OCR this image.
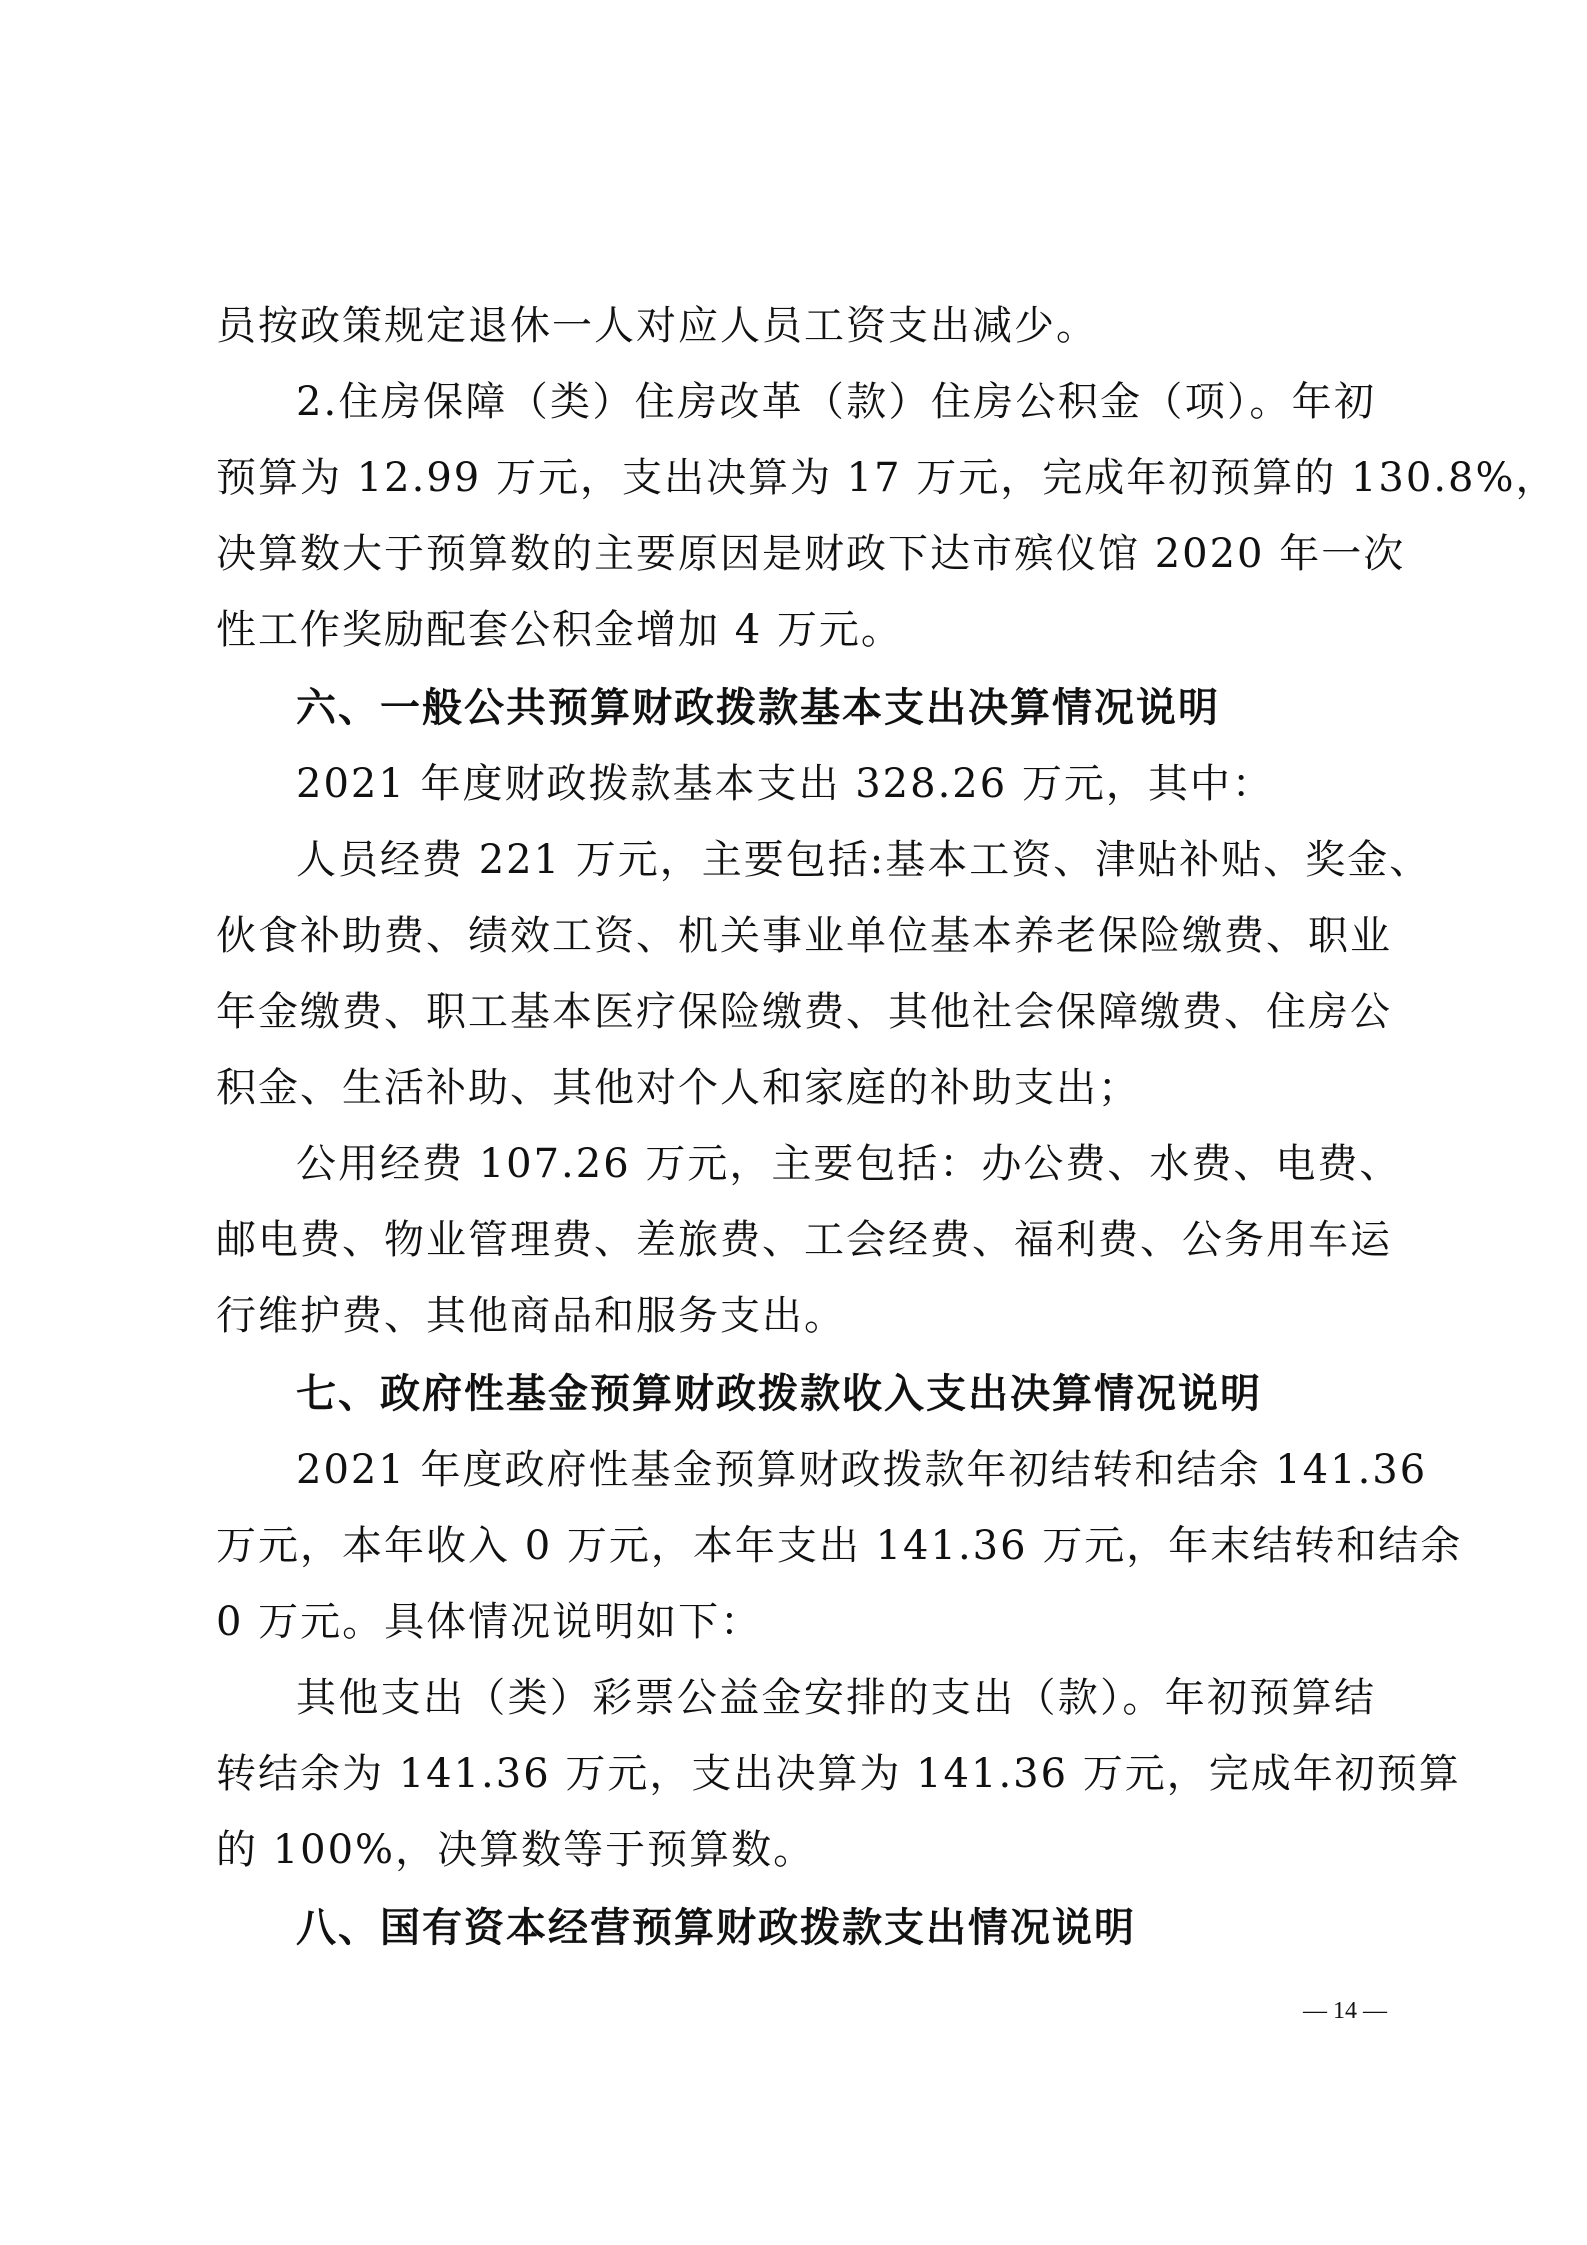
员按政策规定退休一人对应人员工资支出减少。
2.住房保障（类）住房改革（款）住房公积金（项）。年初
预算为 12.99 万元，支出决算为 17 万元，完成年初预算的 130.8%，
决算数大于预算数的主要原因是财政下达市殡仪馆 2020 年一次
性工作奖励配套公积金增加 4 万元。
六、一般公共预算财政拨款基本支出决算情况说明
2021 年度财政拨款基本支出 328.26 万元，其中：
人员经费 221 万元，主要包括:基本工资、津贴补贴、奖金、
伙食补助费、绩效工资、机关事业单位基本养老保险缴费、职业
年金缴费、职工基本医疗保险缴费、其他社会保障缴费、住房公
积金、生活补助、其他对个人和家庭的补助支出；
公用经费 107.26 万元，主要包括：办公费、水费、电费、
邮电费、物业管理费、差旅费、工会经费、福利费、公务用车运
行维护费、其他商品和服务支出。
七、政府性基金预算财政拨款收入支出决算情况说明
2021 年度政府性基金预算财政拨款年初结转和结余 141.36
万元，本年收入 0 万元，本年支出 141.36 万元，年末结转和结余
0 万元。具体情况说明如下：
其他支出（类）彩票公益金安排的支出（款）。年初预算结
转结余为 141.36 万元，支出决算为 141.36 万元，完成年初预算
的 100%，决算数等于预算数。
八、国有资本经营预算财政拨款支出情况说明
— 14 —
